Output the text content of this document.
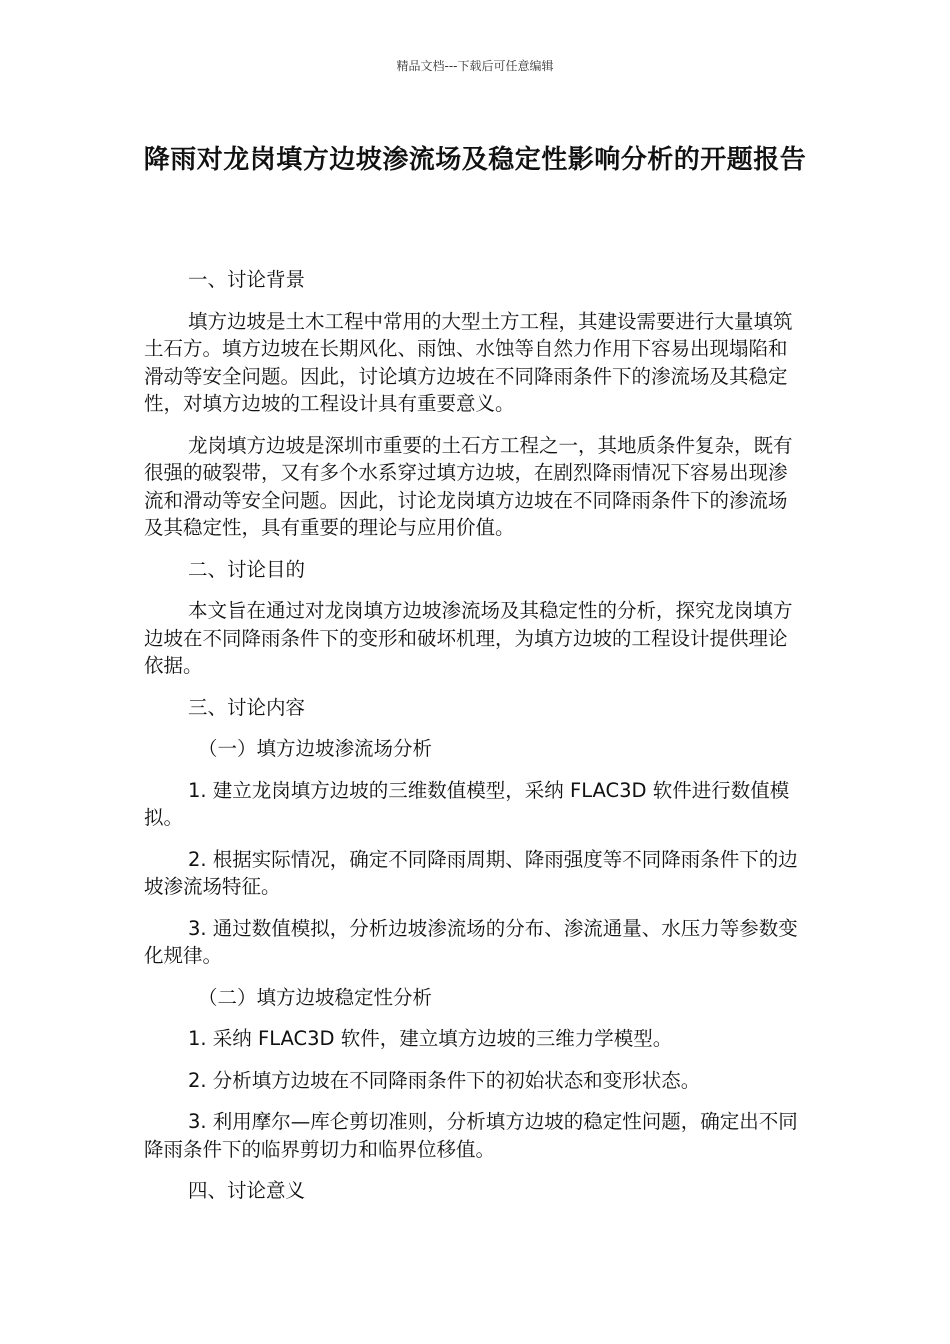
精品文档---下载后可任意编辑
降雨对龙岗填方边坡渗流场及稳定性影响分析的开题报告

一、讨论背景

填方边坡是土木工程中常用的大型土方工程，其建设需要进行大量填筑土石方。填方边坡在长期风化、雨蚀、水蚀等自然力作用下容易出现塌陷和滑动等安全问题。因此，讨论填方边坡在不同降雨条件下的渗流场及其稳定性，对填方边坡的工程设计具有重要意义。

龙岗填方边坡是深圳市重要的土石方工程之一，其地质条件复杂，既有很强的破裂带，又有多个水系穿过填方边坡，在剧烈降雨情况下容易出现渗流和滑动等安全问题。因此，讨论龙岗填方边坡在不同降雨条件下的渗流场及其稳定性，具有重要的理论与应用价值。

二、讨论目的

本文旨在通过对龙岗填方边坡渗流场及其稳定性的分析，探究龙岗填方边坡在不同降雨条件下的变形和破坏机理，为填方边坡的工程设计提供理论依据。

三、讨论内容

（一）填方边坡渗流场分析

1. 建立龙岗填方边坡的三维数值模型，采纳 FLAC3D 软件进行数值模拟。

2. 根据实际情况，确定不同降雨周期、降雨强度等不同降雨条件下的边坡渗流场特征。

3. 通过数值模拟，分析边坡渗流场的分布、渗流通量、水压力等参数变化规律。

（二）填方边坡稳定性分析

1. 采纳 FLAC3D 软件，建立填方边坡的三维力学模型。

2. 分析填方边坡在不同降雨条件下的初始状态和变形状态。

3. 利用摩尔—库仑剪切准则，分析填方边坡的稳定性问题，确定出不同降雨条件下的临界剪切力和临界位移值。

四、讨论意义
